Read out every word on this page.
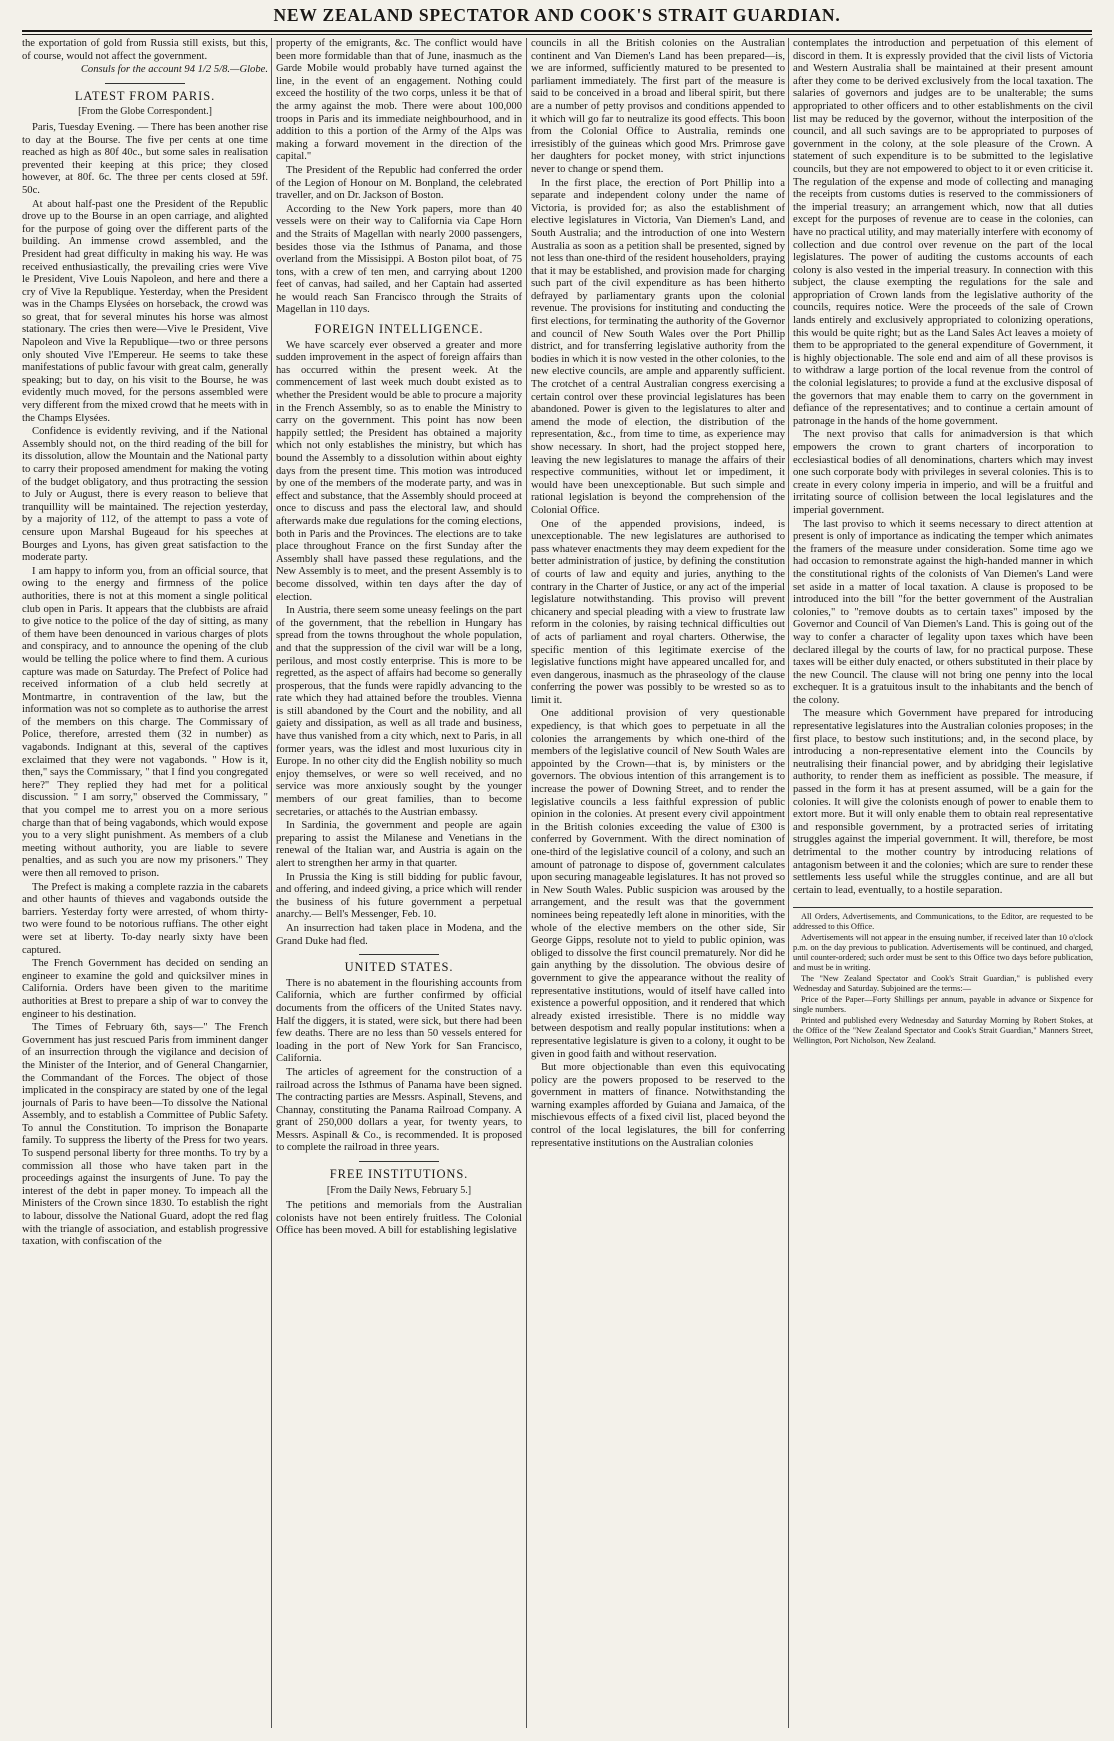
NEW ZEALAND SPECTATOR AND COOK'S STRAIT GUARDIAN.

the exportation of gold from Russia still exists, but this, of course, would not affect the government.

Consuls for the account 94 1/2 5/8.—Globe.

LATEST FROM PARIS.
[From the Globe Correspondent.]

Paris, Tuesday Evening. — There has been another rise to day at the Bourse. The five per cents at one time reached as high as 80f 40c., but some sales in realisation prevented their keeping at this price; they closed however, at 80f. 6c. The three per cents closed at 59f. 50c.

At about half-past one the President of the Republic drove up to the Bourse in an open carriage, and alighted for the purpose of going over the different parts of the building. An immense crowd assembled, and the President had great difficulty in making his way. He was received enthusiastically, the prevailing cries were Vive le President, Vive Louis Napoleon, and here and there a cry of Vive la Republique. Yesterday, when the President was in the Champs Elysées on horseback, the crowd was so great, that for several minutes his horse was almost stationary. The cries then were—Vive le President, Vive Napoleon and Vive la Republique—two or three persons only shouted Vive l'Empereur. He seems to take these manifestations of public favour with great calm, generally speaking; but to day, on his visit to the Bourse, he was evidently much moved, for the persons assembled were very different from the mixed crowd that he meets with in the Champs Elysées.

Confidence is evidently reviving, and if the National Assembly should not, on the third reading of the bill for its dissolution, allow the Mountain and the National party to carry their proposed amendment for making the voting of the budget obligatory, and thus protracting the session to July or August, there is every reason to believe that tranquillity will be maintained. The rejection yesterday, by a majority of 112, of the attempt to pass a vote of censure upon Marshal Bugeaud for his speeches at Bourges and Lyons, has given great satisfaction to the moderate party.

I am happy to inform you, from an official source, that owing to the energy and firmness of the police authorities, there is not at this moment a single political club open in Paris. It appears that the clubbists are afraid to give notice to the police of the day of sitting, as many of them have been denounced in various charges of plots and conspiracy, and to announce the opening of the club would be telling the police where to find them. A curious capture was made on Saturday. The Prefect of Police had received information of a club held secretly at Montmartre, in contravention of the law, but the information was not so complete as to authorise the arrest of the members on this charge. The Commissary of Police, therefore, arrested them (32 in number) as vagabonds. Indignant at this, several of the captives exclaimed that they were not vagabonds. " How is it, then," says the Commissary, " that I find you congregated here?" They replied they had met for a political discussion. " I am sorry," observed the Commissary, " that you compel me to arrest you on a more serious charge than that of being vagabonds, which would expose you to a very slight punishment. As members of a club meeting without authority, you are liable to severe penalties, and as such you are now my prisoners." They were then all removed to prison.

The Prefect is making a complete razzia in the cabarets and other haunts of thieves and vagabonds outside the barriers. Yesterday forty were arrested, of whom thirty-two were found to be notorious ruffians. The other eight were set at liberty. To-day nearly sixty have been captured.

The French Government has decided on sending an engineer to examine the gold and quicksilver mines in California. Orders have been given to the maritime authorities at Brest to prepare a ship of war to convey the engineer to his destination.

The Times of February 6th, says—" The French Government has just rescued Paris from imminent danger of an insurrection through the vigilance and decision of the Minister of the Interior, and of General Changarnier, the Commandant of the Forces. The object of those implicated in the conspiracy are stated by one of the legal journals of Paris to have been—To dissolve the National Assembly, and to establish a Committee of Public Safety. To annul the Constitution. To imprison the Bonaparte family. To suppress the liberty of the Press for two years. To suspend personal liberty for three months. To try by a commission all those who have taken part in the proceedings against the insurgents of June. To pay the interest of the debt in paper money. To impeach all the Ministers of the Crown since 1830. To establish the right to labour, dissolve the National Guard, adopt the red flag with the triangle of association, and establish progressive taxation, with confiscation of the

property of the emigrants, &c. The conflict would have been more formidable than that of June, inasmuch as the Garde Mobile would probably have turned against the line, in the event of an engagement. Nothing could exceed the hostility of the two corps, unless it be that of the army against the mob. There were about 100,000 troops in Paris and its immediate neighbourhood, and in addition to this a portion of the Army of the Alps was making a forward movement in the direction of the capital."

The President of the Republic had conferred the order of the Legion of Honour on M. Bonpland, the celebrated traveller, and on Dr. Jackson of Boston.

According to the New York papers, more than 40 vessels were on their way to California via Cape Horn and the Straits of Magellan with nearly 2000 passengers, besides those via the Isthmus of Panama, and those overland from the Missisippi. A Boston pilot boat, of 75 tons, with a crew of ten men, and carrying about 1200 feet of canvas, had sailed, and her Captain had asserted he would reach San Francisco through the Straits of Magellan in 110 days.

FOREIGN INTELLIGENCE.

We have scarcely ever observed a greater and more sudden improvement in the aspect of foreign affairs than has occurred within the present week. At the commencement of last week much doubt existed as to whether the President would be able to procure a majority in the French Assembly, so as to enable the Ministry to carry on the government. This point has now been happily settled; the President has obtained a majority which not only establishes the ministry, but which has bound the Assembly to a dissolution within about eighty days from the present time. This motion was introduced by one of the members of the moderate party, and was in effect and substance, that the Assembly should proceed at once to discuss and pass the electoral law, and should afterwards make due regulations for the coming elections, both in Paris and the Provinces. The elections are to take place throughout France on the first Sunday after the Assembly shall have passed these regulations, and the New Assembly is to meet, and the present Assembly is to become dissolved, within ten days after the day of election.

In Austria, there seem some uneasy feelings on the part of the government, that the rebellion in Hungary has spread from the towns throughout the whole population, and that the suppression of the civil war will be a long, perilous, and most costly enterprise. This is more to be regretted, as the aspect of affairs had become so generally prosperous, that the funds were rapidly advancing to the rate which they had attained before the troubles. Vienna is still abandoned by the Court and the nobility, and all gaiety and dissipation, as well as all trade and business, have thus vanished from a city which, next to Paris, in all former years, was the idlest and most luxurious city in Europe. In no other city did the English nobility so much enjoy themselves, or were so well received, and no service was more anxiously sought by the younger members of our great families, than to become secretaries, or attachés to the Austrian embassy.

In Sardinia, the government and people are again preparing to assist the Milanese and Venetians in the renewal of the Italian war, and Austria is again on the alert to strengthen her army in that quarter.

In Prussia the King is still bidding for public favour, and offering, and indeed giving, a price which will render the business of his future government a perpetual anarchy.— Bell's Messenger, Feb. 10.

An insurrection had taken place in Modena, and the Grand Duke had fled.

UNITED STATES.

There is no abatement in the flourishing accounts from California, which are further confirmed by official documents from the officers of the United States navy. Half the diggers, it is stated, were sick, but there had been few deaths. There are no less than 50 vessels entered for loading in the port of New York for San Francisco, California.

The articles of agreement for the construction of a railroad across the Isthmus of Panama have been signed. The contracting parties are Messrs. Aspinall, Stevens, and Channay, constituting the Panama Railroad Company. A grant of 250,000 dollars a year, for twenty years, to Messrs. Aspinall & Co., is recommended. It is proposed to complete the railroad in three years.

FREE INSTITUTIONS.
[From the Daily News, February 5.]

The petitions and memorials from the Australian colonists have not been entirely fruitless. The Colonial Office has been moved. A bill for establishing legislative

councils in all the British colonies on the Australian continent and Van Diemen's Land has been prepared—is, we are informed, sufficiently matured to be presented to parliament immediately. The first part of the measure is said to be conceived in a broad and liberal spirit, but there are a number of petty provisos and conditions appended to it which will go far to neutralize its good effects. This boon from the Colonial Office to Australia, reminds one irresistibly of the guineas which good Mrs. Primrose gave her daughters for pocket money, with strict injunctions never to change or spend them.

In the first place, the erection of Port Phillip into a separate and independent colony under the name of Victoria, is provided for; as also the establishment of elective legislatures in Victoria, Van Diemen's Land, and South Australia; and the introduction of one into Western Australia as soon as a petition shall be presented, signed by not less than one-third of the resident householders, praying that it may be established, and provision made for charging such part of the civil expenditure as has been hitherto defrayed by parliamentary grants upon the colonial revenue. The provisions for instituting and conducting the first elections, for terminating the authority of the Governor and council of New South Wales over the Port Phillip district, and for transferring legislative authority from the bodies in which it is now vested in the other colonies, to the new elective councils, are ample and apparently sufficient. The crotchet of a central Australian congress exercising a certain control over these provincial legislatures has been abandoned. Power is given to the legislatures to alter and amend the mode of election, the distribution of the representation, &c., from time to time, as experience may show necessary. In short, had the project stopped here, leaving the new legislatures to manage the affairs of their respective communities, without let or impediment, it would have been unexceptionable. But such simple and rational legislation is beyond the comprehension of the Colonial Office.

One of the appended provisions, indeed, is unexceptionable. The new legislatures are authorised to pass whatever enactments they may deem expedient for the better administration of justice, by defining the constitution of courts of law and equity and juries, anything to the contrary in the Charter of Justice, or any act of the imperial legislature notwithstanding. This proviso will prevent chicanery and special pleading with a view to frustrate law reform in the colonies, by raising technical difficulties out of acts of parliament and royal charters. Otherwise, the specific mention of this legitimate exercise of the legislative functions might have appeared uncalled for, and even dangerous, inasmuch as the phraseology of the clause conferring the power was possibly to be wrested so as to limit it.

One additional provision of very questionable expediency, is that which goes to perpetuate in all the colonies the arrangements by which one-third of the members of the legislative council of New South Wales are appointed by the Crown—that is, by ministers or the governors. The obvious intention of this arrangement is to increase the power of Downing Street, and to render the legislative councils a less faithful expression of public opinion in the colonies. At present every civil appointment in the British colonies exceeding the value of £300 is conferred by Government. With the direct nomination of one-third of the legislative council of a colony, and such an amount of patronage to dispose of, government calculates upon securing manageable legislatures. It has not proved so in New South Wales. Public suspicion was aroused by the arrangement, and the result was that the government nominees being repeatedly left alone in minorities, with the whole of the elective members on the other side, Sir George Gipps, resolute not to yield to public opinion, was obliged to dissolve the first council prematurely. Nor did he gain anything by the dissolution. The obvious desire of government to give the appearance without the reality of representative institutions, would of itself have called into existence a powerful opposition, and it rendered that which already existed irresistible. There is no middle way between despotism and really popular institutions: when a representative legislature is given to a colony, it ought to be given in good faith and without reservation.

But more objectionable than even this equivocating policy are the powers proposed to be reserved to the government in matters of finance. Notwithstanding the warning examples afforded by Guiana and Jamaica, of the mischievous effects of a fixed civil list, placed beyond the control of the local legislatures, the bill for conferring representative institutions on the Australian colonies

contemplates the introduction and perpetuation of this element of discord in them. It is expressly provided that the civil lists of Victoria and Western Australia shall be maintained at their present amount after they come to be derived exclusively from the local taxation. The salaries of governors and judges are to be unalterable; the sums appropriated to other officers and to other establishments on the civil list may be reduced by the governor, without the interposition of the council, and all such savings are to be appropriated to purposes of government in the colony, at the sole pleasure of the Crown. A statement of such expenditure is to be submitted to the legislative councils, but they are not empowered to object to it or even criticise it. The regulation of the expense and mode of collecting and managing the receipts from customs duties is reserved to the commissioners of the imperial treasury; an arrangement which, now that all duties except for the purposes of revenue are to cease in the colonies, can have no practical utility, and may materially interfere with economy of collection and due control over revenue on the part of the local legislatures. The power of auditing the customs accounts of each colony is also vested in the imperial treasury. In connection with this subject, the clause exempting the regulations for the sale and appropriation of Crown lands from the legislative authority of the councils, requires notice. Were the proceeds of the sale of Crown lands entirely and exclusively appropriated to colonizing operations, this would be quite right; but as the Land Sales Act leaves a moiety of them to be appropriated to the general expenditure of Government, it is highly objectionable. The sole end and aim of all these provisos is to withdraw a large portion of the local revenue from the control of the colonial legislatures; to provide a fund at the exclusive disposal of the governors that may enable them to carry on the government in defiance of the representatives; and to continue a certain amount of patronage in the hands of the home government.

The next proviso that calls for animadversion is that which empowers the crown to grant charters of incorporation to ecclesiastical bodies of all denominations, charters which may invest one such corporate body with privileges in several colonies. This is to create in every colony imperia in imperio, and will be a fruitful and irritating source of collision between the local legislatures and the imperial government.

The last proviso to which it seems necessary to direct attention at present is only of importance as indicating the temper which animates the framers of the measure under consideration. Some time ago we had occasion to remonstrate against the high-handed manner in which the constitutional rights of the colonists of Van Diemen's Land were set aside in a matter of local taxation. A clause is proposed to be introduced into the bill "for the better government of the Australian colonies," to "remove doubts as to certain taxes" imposed by the Governor and Council of Van Diemen's Land. This is going out of the way to confer a character of legality upon taxes which have been declared illegal by the courts of law, for no practical purpose. These taxes will be either duly enacted, or others substituted in their place by the new Council. The clause will not bring one penny into the local exchequer. It is a gratuitous insult to the inhabitants and the bench of the colony.

The measure which Government have prepared for introducing representative legislatures into the Australian colonies proposes; in the first place, to bestow such institutions; and, in the second place, by introducing a non-representative element into the Councils by neutralising their financial power, and by abridging their legislative authority, to render them as inefficient as possible. The measure, if passed in the form it has at present assumed, will be a gain for the colonies. It will give the colonists enough of power to enable them to extort more. But it will only enable them to obtain real representative and responsible government, by a protracted series of irritating struggles against the imperial government. It will, therefore, be most detrimental to the mother country by introducing relations of antagonism between it and the colonies; which are sure to render these settlements less useful while the struggles continue, and are all but certain to lead, eventually, to a hostile separation.

All Orders, Advertisements, and Communications, to the Editor, are requested to be addressed to this Office.

Advertisements will not appear in the ensuing number, if received later than 10 o'clock p.m. on the day previous to publication. Advertisements will be continued, and charged, until counter-ordered; such order must be sent to this Office two days before publication, and must be in writing.

The "New Zealand Spectator and Cook's Strait Guardian," is published every Wednesday and Saturday. Subjoined are the terms:—

Price of the Paper—Forty Shillings per annum, payable in advance or Sixpence for single numbers.

Printed and published every Wednesday and Saturday Morning by Robert Stokes, at the Office of the "New Zealand Spectator and Cook's Strait Guardian," Manners Street, Wellington, Port Nicholson, New Zealand.
